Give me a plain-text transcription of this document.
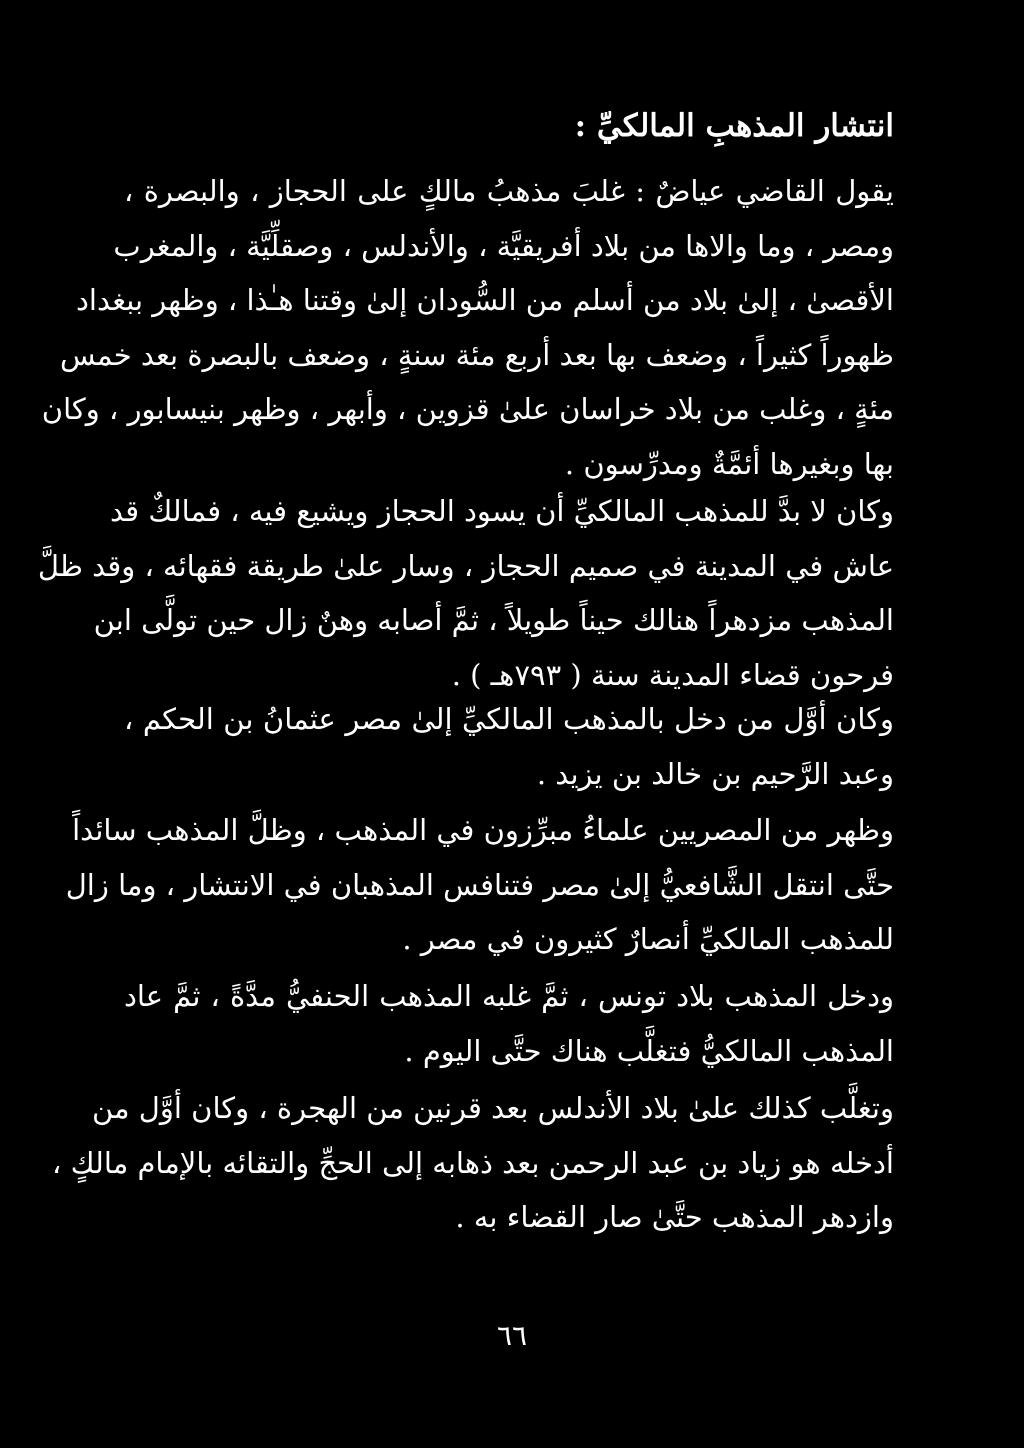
انتشار المذهبِ المالكيِّ :
يقول القاضي عياضٌ : غلبَ مذهبُ مالكٍ على الحجاز ، والبصرة ،
ومصر ، وما والاها من بلاد أفريقيَّة ، والأندلس ، وصقلِّيَّة ، والمغرب
الأقصىٰ ، إلىٰ بلاد من أسلم من السُّودان إلىٰ وقتنا هـٰذا ، وظهر ببغداد
ظهوراً كثيراً ، وضعف بها بعد أربع مئة سنةٍ ، وضعف بالبصرة بعد خمس
مئةٍ ، وغلب من بلاد خراسان علىٰ قزوين ، وأبهر ، وظهر بنيسابور ، وكان
بها وبغيرها أئمَّةٌ ومدرِّسون .
وكان لا بدَّ للمذهب المالكيِّ أن يسود الحجاز ويشيع فيه ، فمالكٌ قد
عاش في المدينة في صميم الحجاز ، وسار علىٰ طريقة فقهائه ، وقد ظلَّ
المذهب مزدهراً هنالك حيناً طويلاً ، ثمَّ أصابه وهنٌ زال حين تولَّى ابن
فرحون قضاء المدينة سنة ( ٧٩٣هـ ) .
وكان أوَّل من دخل بالمذهب المالكيِّ إلىٰ مصر عثمانُ بن الحكم ،
وعبد الرَّحيم بن خالد بن يزيد .
وظهر من المصريين علماءُ مبرِّزون في المذهب ، وظلَّ المذهب سائداً
حتَّى انتقل الشَّافعيُّ إلىٰ مصر فتنافس المذهبان في الانتشار ، وما زال
للمذهب المالكيِّ أنصارٌ كثيرون في مصر .
ودخل المذهب بلاد تونس ، ثمَّ غلبه المذهب الحنفيُّ مدَّةً ، ثمَّ عاد
المذهب المالكيُّ فتغلَّب هناك حتَّى اليوم .
وتغلَّب كذلك علىٰ بلاد الأندلس بعد قرنين من الهجرة ، وكان أوَّل من
أدخله هو زياد بن عبد الرحمن بعد ذهابه إلى الحجِّ والتقائه بالإمام مالكٍ ،
وازدهر المذهب حتَّىٰ صار القضاء به .
٦٦
